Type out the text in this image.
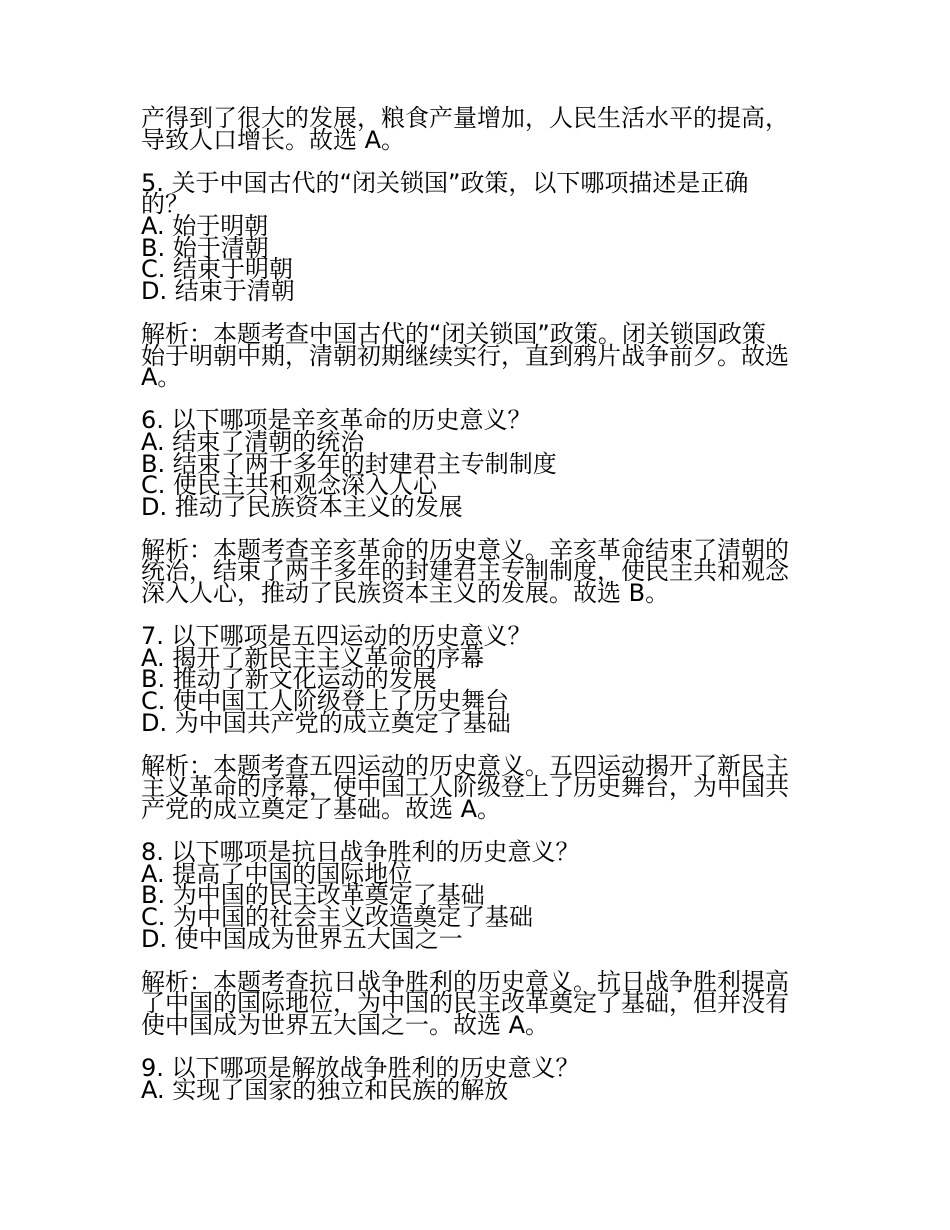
产得到了很大的发展，粮食产量增加，人民生活水平的提高，
导致人口增长。故选 A。
5. 关于中国古代的“闭关锁国”政策，以下哪项描述是正确
的？
A. 始于明朝
B. 始于清朝
C. 结束于明朝
D. 结束于清朝
解析：本题考查中国古代的“闭关锁国”政策。闭关锁国政策
始于明朝中期，清朝初期继续实行，直到鸦片战争前夕。故选
A。
6. 以下哪项是辛亥革命的历史意义？
A. 结束了清朝的统治
B. 结束了两千多年的封建君主专制制度
C. 使民主共和观念深入人心
D. 推动了民族资本主义的发展
解析：本题考查辛亥革命的历史意义。辛亥革命结束了清朝的
统治，结束了两千多年的封建君主专制制度，使民主共和观念
深入人心，推动了民族资本主义的发展。故选 B。
7. 以下哪项是五四运动的历史意义？
A. 揭开了新民主主义革命的序幕
B. 推动了新文化运动的发展
C. 使中国工人阶级登上了历史舞台
D. 为中国共产党的成立奠定了基础
解析：本题考查五四运动的历史意义。五四运动揭开了新民主
主义革命的序幕，使中国工人阶级登上了历史舞台，为中国共
产党的成立奠定了基础。故选 A。
8. 以下哪项是抗日战争胜利的历史意义？
A. 提高了中国的国际地位
B. 为中国的民主改革奠定了基础
C. 为中国的社会主义改造奠定了基础
D. 使中国成为世界五大国之一
解析：本题考查抗日战争胜利的历史意义。抗日战争胜利提高
了中国的国际地位，为中国的民主改革奠定了基础，但并没有
使中国成为世界五大国之一。故选 A。
9. 以下哪项是解放战争胜利的历史意义？
A. 实现了国家的独立和民族的解放
